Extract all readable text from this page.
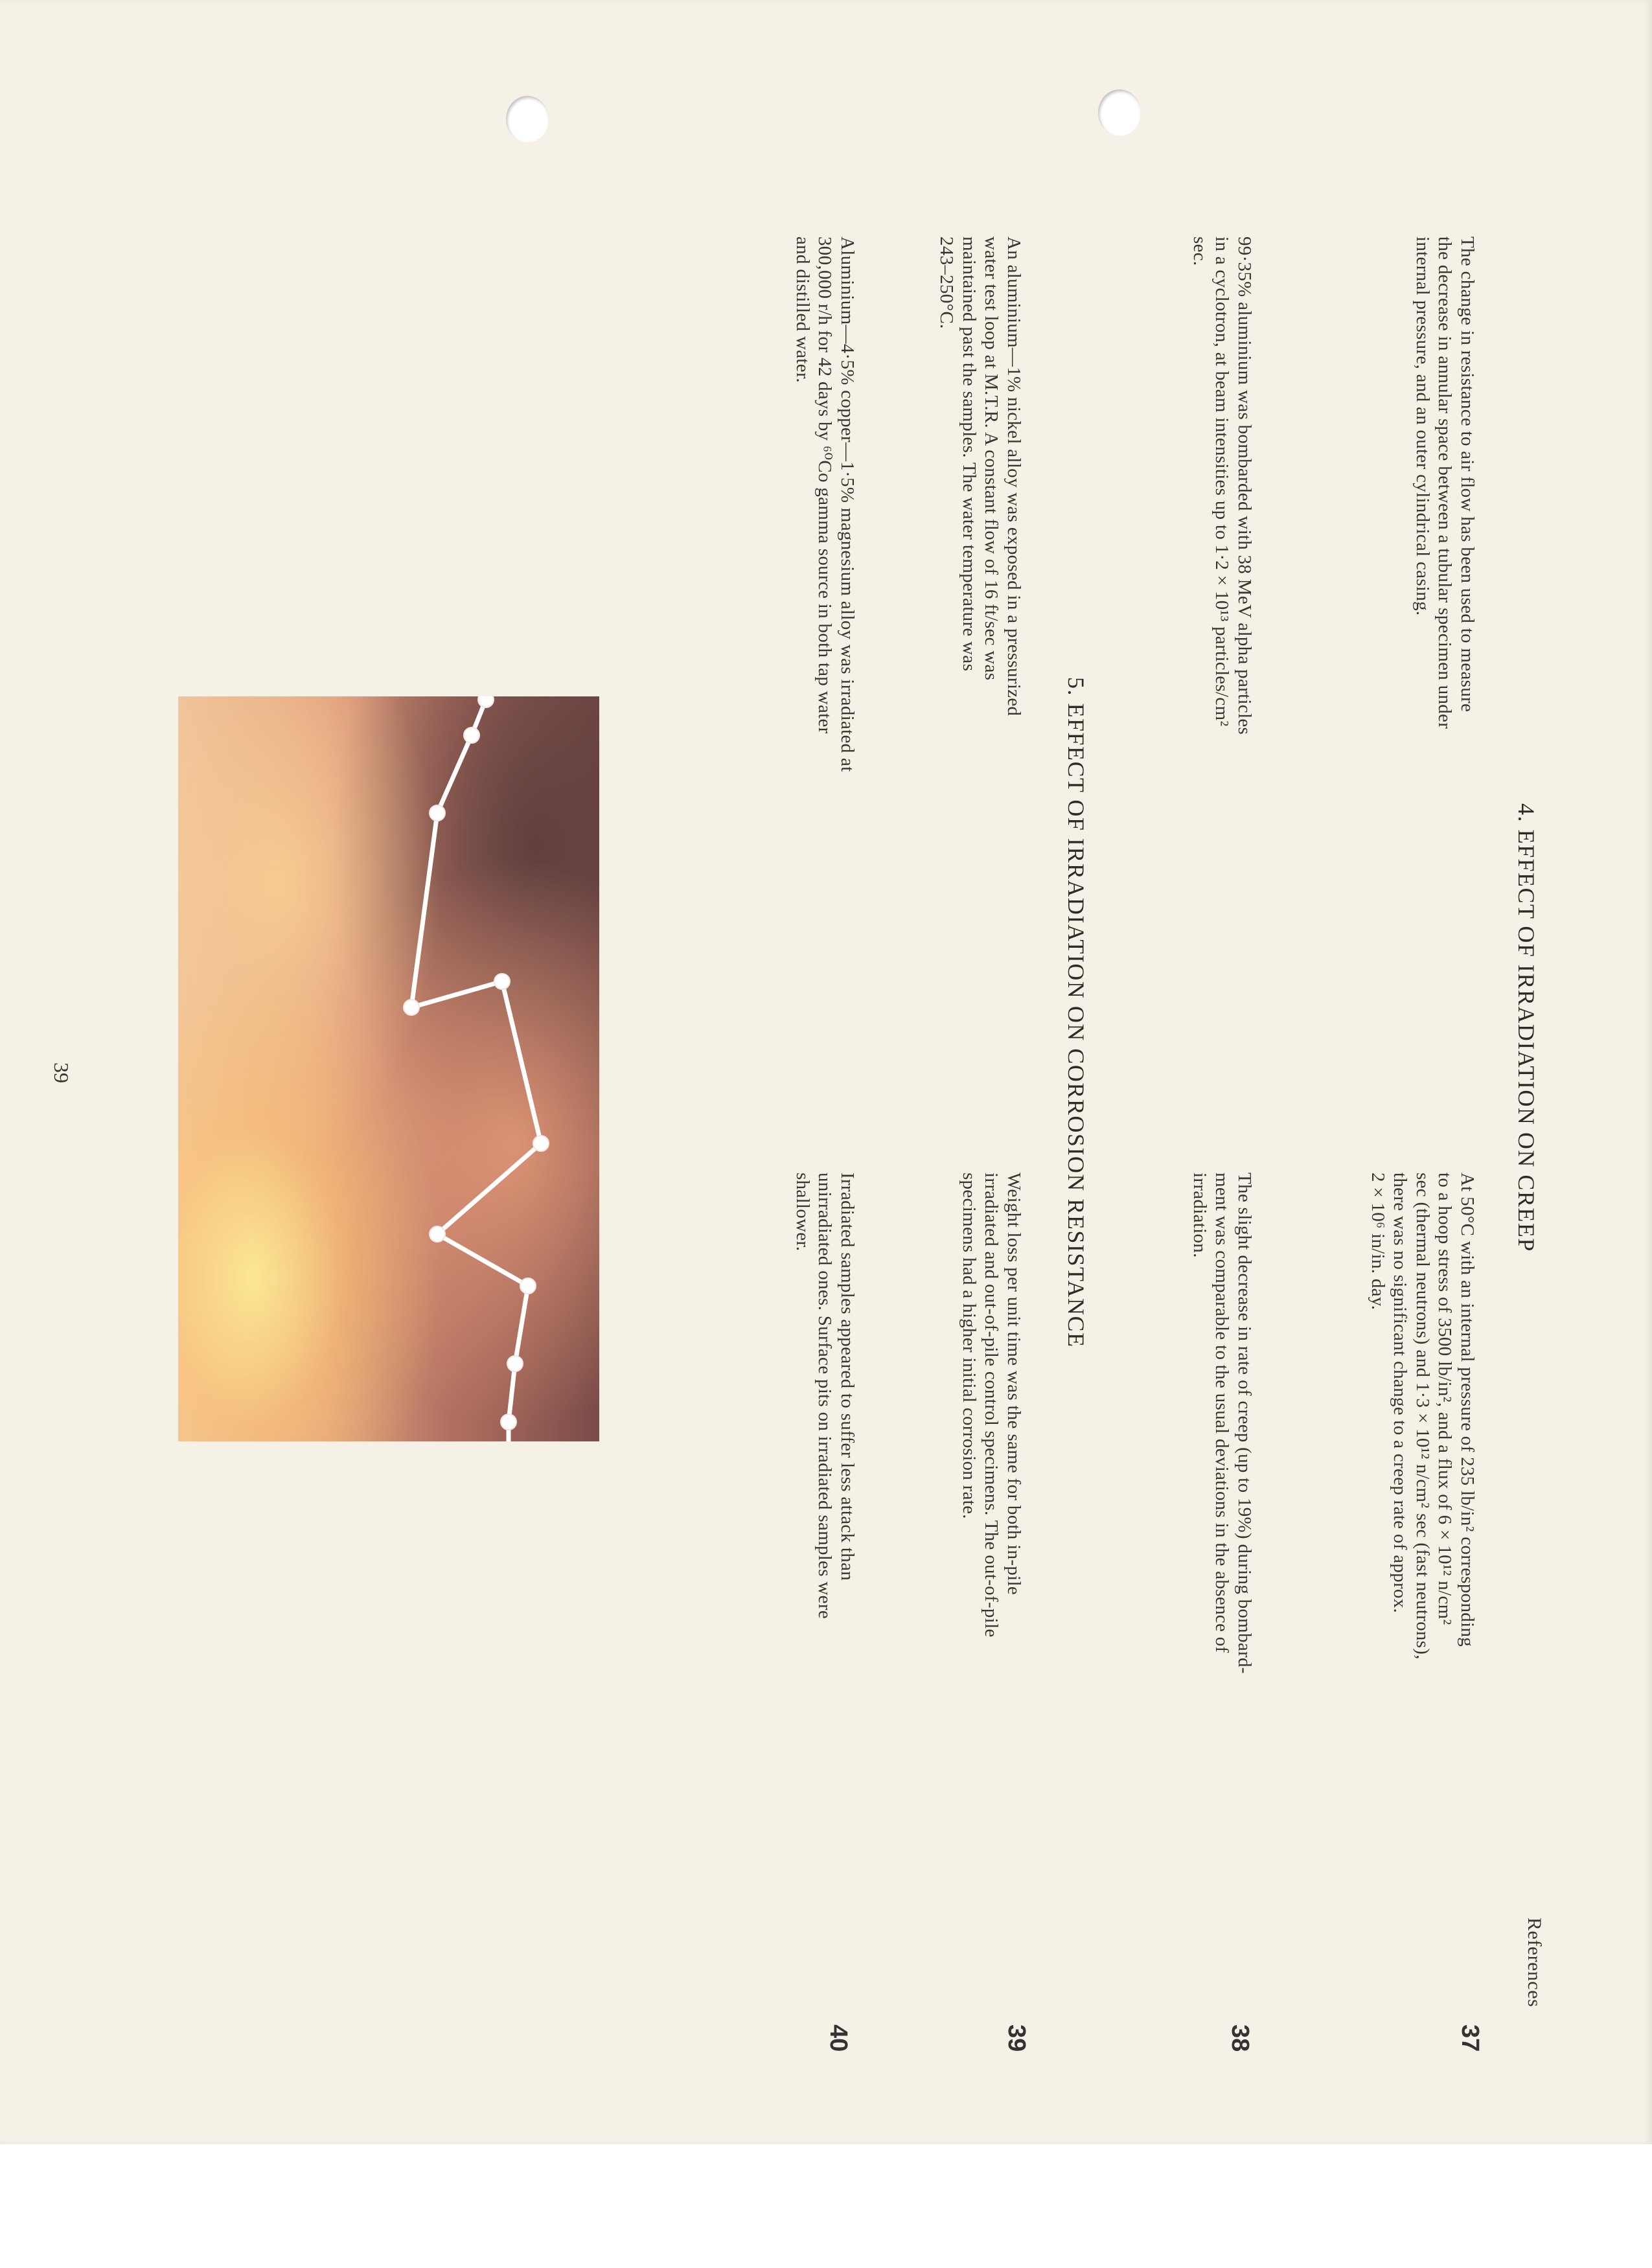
References
4. EFFECT OF IRRADIATION ON CREEP

The change in resistance to air flow has been used to measure
the decrease in annular space between a tubular specimen under
internal pressure, and an outer cylindrical casing.

At 50°C with an internal pressure of 235 lb/in² corresponding
to a hoop stress of 3500 lb/in², and a flux of 6 × 10¹² n/cm²
sec (thermal neutrons) and 1·3 × 10¹² n/cm² sec (fast neutrons),
there was no significant change to a creep rate of approx.
2 × 10⁶ in/in. day.

37

99·35% aluminium was bombarded with 38 MeV alpha particles
in a cyclotron, at beam intensities up to 1·2 × 10¹³ particles/cm²
sec.

The slight decrease in rate of creep (up to 19%) during bombard-
ment was comparable to the usual deviations in the absence of
irradiation.

38
5. EFFECT OF IRRADIATION ON CORROSION RESISTANCE

An aluminium—1% nickel alloy was exposed in a pressurized
water test loop at M.T.R. A constant flow of 16 ft/sec was
maintained past the samples. The water temperature was
243–250°C.

Weight loss per unit time was the same for both in-pile
irradiated and out-of-pile control specimens. The out-of-pile
specimens had a higher initial corrosion rate.

39

Aluminium—4·5% copper—1·5% magnesium alloy was irradiated at
300,000 r/h for 42 days by ⁶⁰Co gamma source in both tap water
and distilled water.

Irradiated samples appeared to suffer less attack than
unirradiated ones. Surface pits on irradiated samples were
shallower.

40
39
